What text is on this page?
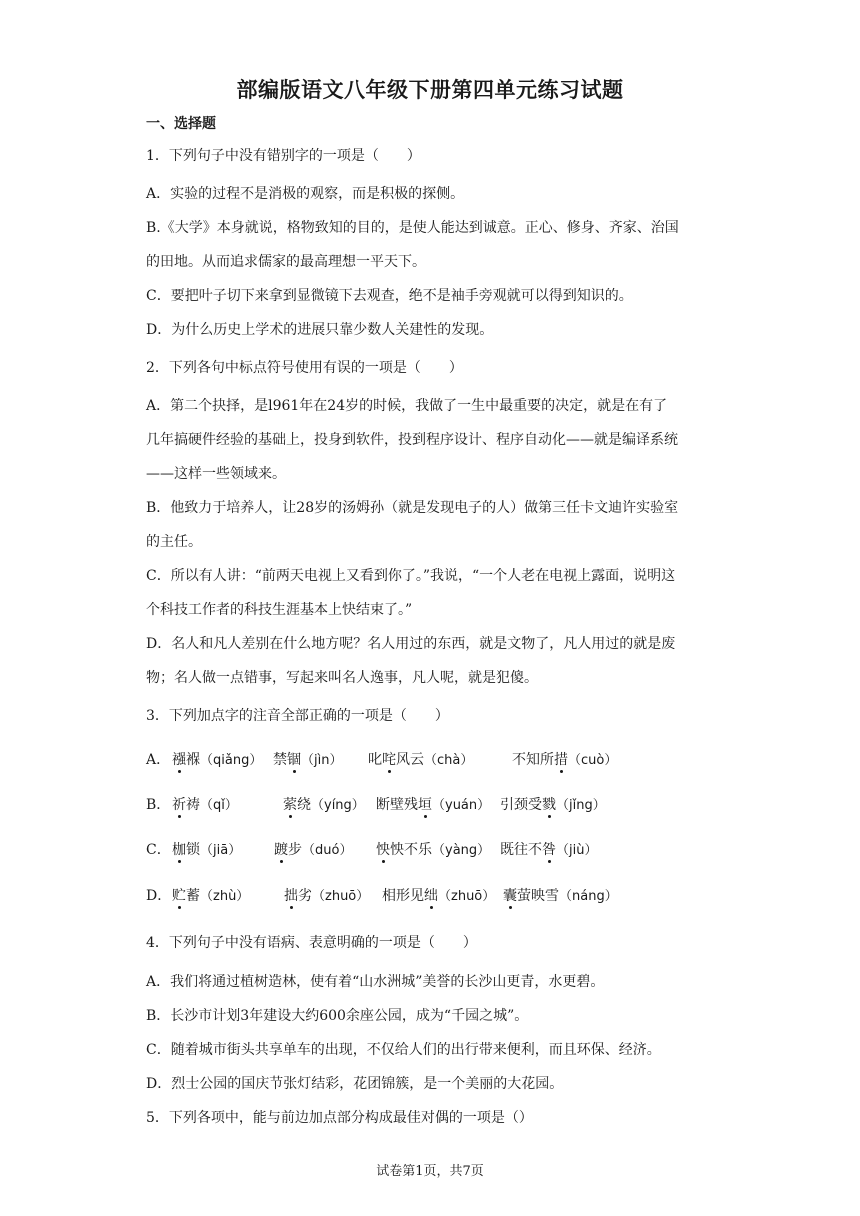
部编版语文八年级下册第四单元练习试题
一、选择题
1．下列句子中没有错别字的一项是（　　）
A．实验的过程不是消极的观察，而是积极的探侧。
B.《大学》本身就说，格物致知的目的，是使人能达到诚意。正心、修身、齐家、治国
的田地。从而追求儒家的最高理想一平天下。
C．要把叶子切下来拿到显微镜下去观查，绝不是袖手旁观就可以得到知识的。
D．为什么历史上学术的进展只靠少数人关建性的发现。
2．下列各句中标点符号使用有误的一项是（　　）
A．第二个抉择，是l961年在24岁的时候，我做了一生中最重要的决定，就是在有了
几年搞硬件经验的基础上，投身到软件，投到程序设计、程序自动化——就是编译系统
——这样一些领域来。
B．他致力于培养人，让28岁的汤姆孙（就是发现电子的人）做第三任卡文迪许实验室
的主任。
C．所以有人讲：“前两天电视上又看到你了。”我说，“一个人老在电视上露面，说明这
个科技工作者的科技生涯基本上快结束了。”
D．名人和凡人差别在什么地方呢？名人用过的东西，就是文物了，凡人用过的就是废
物；名人做一点错事，写起来叫名人逸事，凡人呢，就是犯傻。
3．下列加点字的注音全部正确的一项是（　　）
A． 襁褓（qiǎng） 禁锢（jìn） 叱咤风云（chà）	不知所措（cuò）
B． 祈祷（qǐ）	萦绕（yíng） 断壁残垣（yuán） 引颈受戮（jǐng）
C． 枷锁（jiā） 踱步（duó） 怏怏不乐（yàng） 既往不咎（jiù）
D． 贮蓄（zhù） 拙劣（zhuō） 相形见绌（zhuō） 囊萤映雪（náng）
4．下列句子中没有语病、表意明确的一项是（　　）
A．我们将通过植树造林，使有着“山水洲城”美誉的长沙山更青，水更碧。
B．长沙市计划3年建设大约600余座公园，成为“千园之城”。
C．随着城市街头共享单车的出现，不仅给人们的出行带来便利，而且环保、经济。
D．烈士公园的国庆节张灯结彩，花团锦簇，是一个美丽的大花园。
5．下列各项中，能与前边加点部分构成最佳对偶的一项是（）
试卷第1页，共7页
